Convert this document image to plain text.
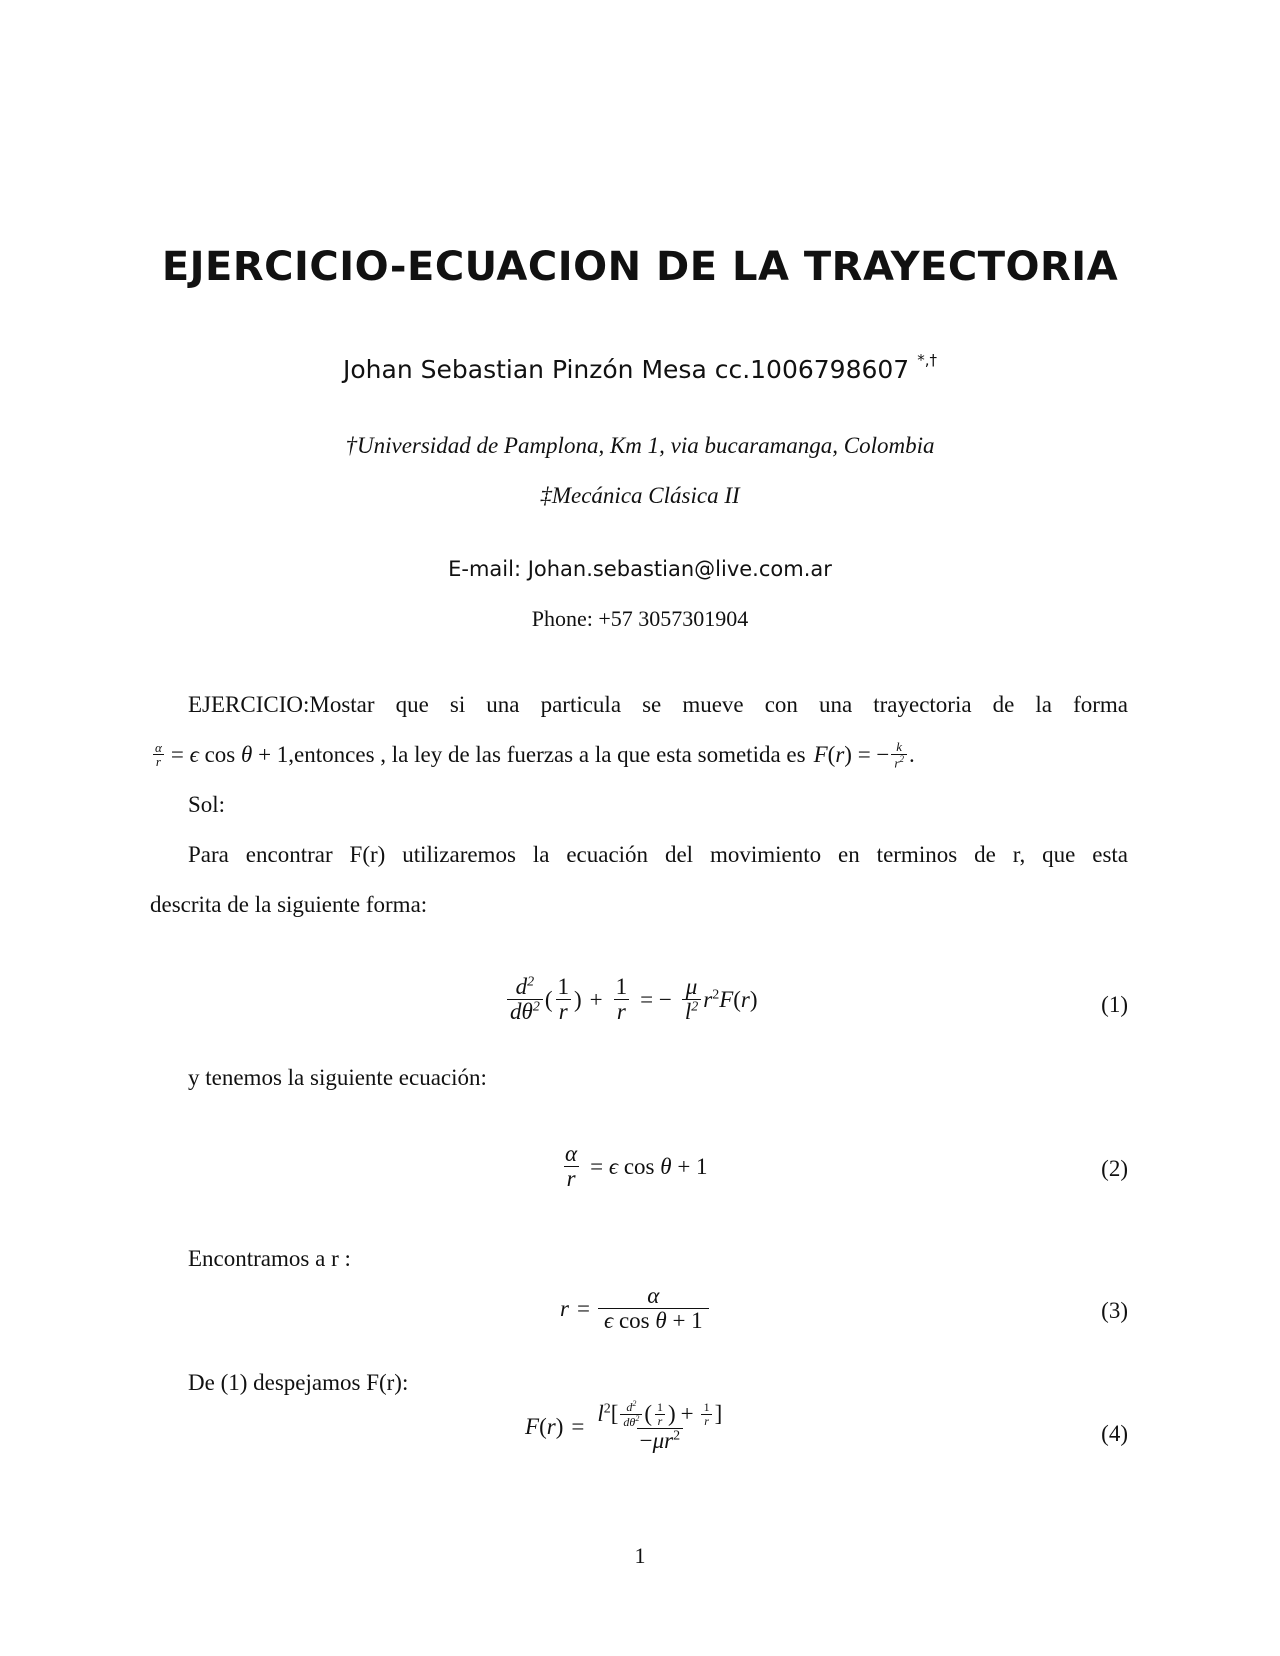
EJERCICIO-ECUACION DE LA TRAYECTORIA
Johan Sebastian Pinzón Mesa cc.1006798607 *,†
†Universidad de Pamplona, Km 1, via bucaramanga, Colombia
‡Mecánica Clásica II
E-mail: Johan.sebastian@live.com.ar
Phone: +57 3057301904
EJERCICIO:Mostar que si una particula se mueve con una trayectoria de la forma
$\frac{\alpha}{r} = \epsilon$ cos θ + 1 ,entonces , la ley de las fuerzas a la que esta sometida es F(r) = − $\frac{k}{r^2}$ .
Sol:
Para encontrar F(r) utilizaremos la ecuación del movimiento en terminos de r, que esta
descrita de la siguiente forma:
$\frac{d^2}{d\theta^2}$ ( $\frac{1}{r}$ ) + $\frac{1}{r}$ = − $\frac{\mu}{l^2} r^2F$ (r)	(1)
y tenemos la siguiente ecuación:
$\frac{\alpha}{r} = \epsilon$ cos θ + 1	(2)
Encontramos a r :
$r = \frac{\alpha}{\text{ϵ cos θ + 1}}$	(3)
De (1) despejamos F(r):
F $(r) = \frac{l^2 [ \frac{d^2}{d\theta^2} ( \frac{1}{r} ) + \frac{1}{r} ]}{-\mu r^2}$	(4)
1
